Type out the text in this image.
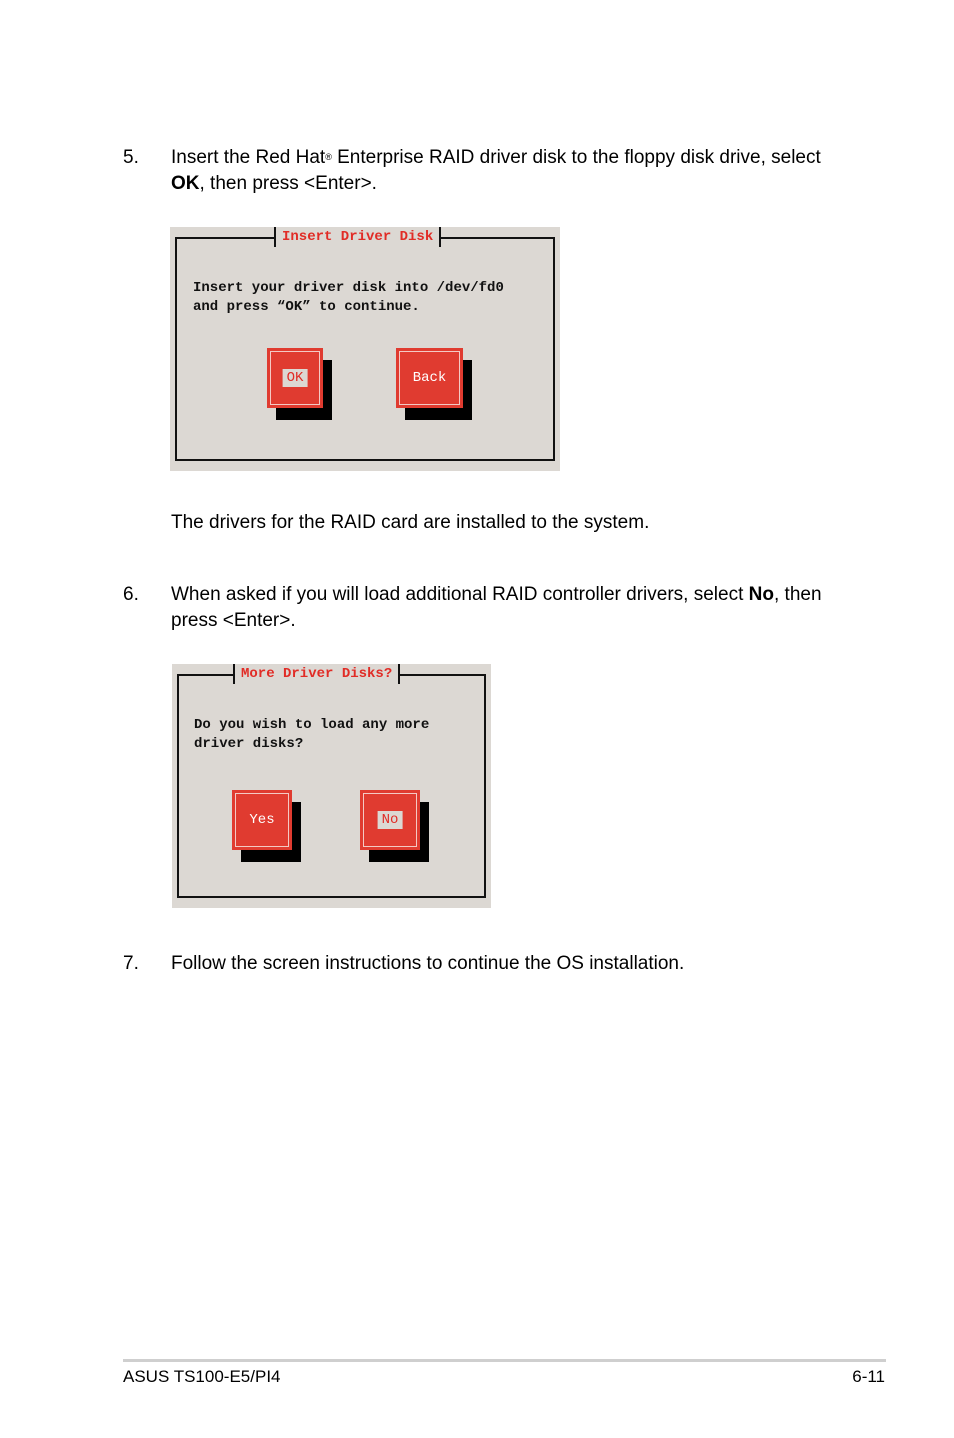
5. Insert the Red Hat® Enterprise RAID driver disk to the floppy disk drive, select
OK, then press <Enter>.
Insert Driver Disk
Insert your driver disk into /dev/fd0
and press “OK” to continue.
OK	Back
The drivers for the RAID card are installed to the system.
6. When asked if you will load additional RAID controller drivers, select No, then
press <Enter>.
More Driver Disks?
Do you wish to load any more
driver disks?
Yes	No
7. Follow the screen instructions to continue the OS installation.
ASUS TS100-E5/PI4	6-11
